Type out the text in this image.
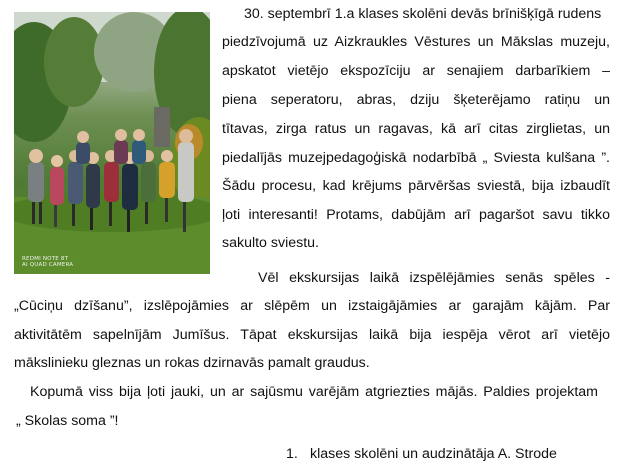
REDMI NOTE 8T
AI QUAD CAMERA
30. septembrī 1.a klases skolēni devās brīnišķīgā rudens
piedzīvojumā uz Aizkraukles Vēstures un Mākslas muzeju,
apskatot vietējo ekspozīciju ar senajiem darbarīkiem –
piena seperatoru, abras, dziju šķeterējamo ratiņu un
tītavas, zirga ratus un ragavas, kā arī citas zirglietas, un
piedalījās muzejpedagoģiskā nodarbībā „ Sviesta kulšana ”.
Šādu procesu, kad krējums pārvēršas sviestā, bija izbaudīt
ļoti interesanti! Protams, dabūjām arī pagaršot savu tikko
sakulto sviestu.
Vēl ekskursijas laikā izspēlējāmies senās spēles -
„Cūciņu dzīšanu”, izslēpojāmies ar slēpēm un izstaigājāmies ar garajām kājām. Par
aktivitātēm sapelnījām Jumīšus. Tāpat ekskursijas laikā bija iespēja vērot arī vietējo
mākslinieku gleznas un rokas dzirnavās pamalt graudus.
Kopumā viss bija ļoti jauki, un ar sajūsmu varējām atgriezties mājās. Paldies projektam
„ Skolas soma ”!
1. klases skolēni un audzinātāja A. Strode
